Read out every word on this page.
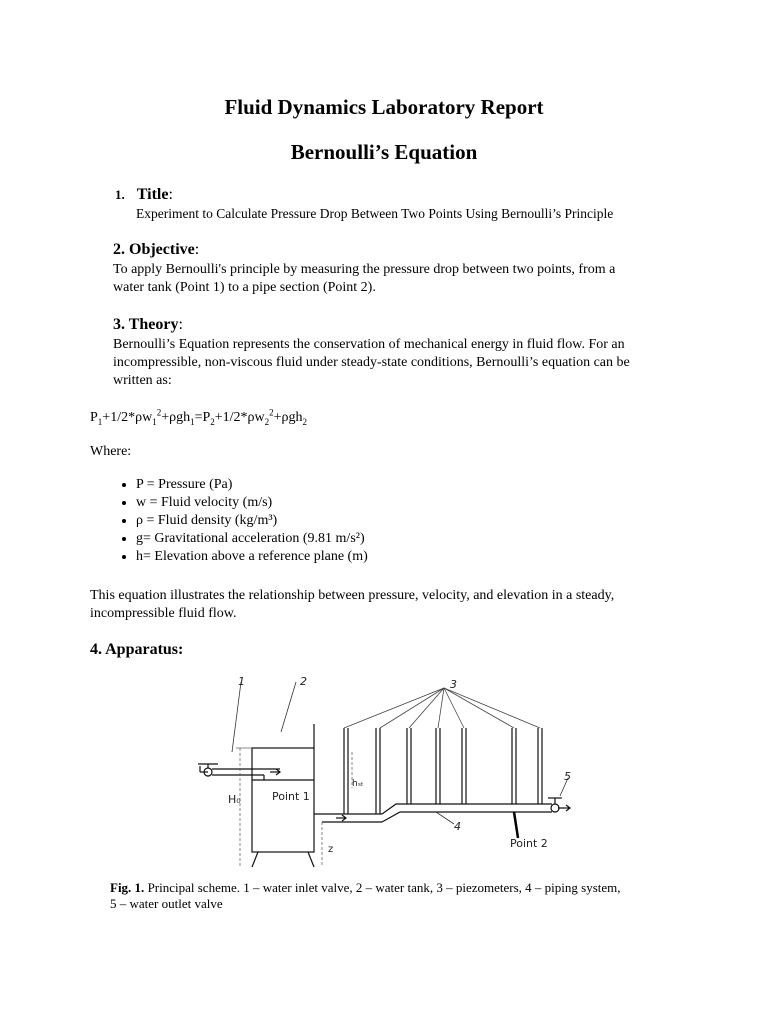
Fluid Dynamics Laboratory Report
Bernoulli’s Equation
1. Title:
Experiment to Calculate Pressure Drop Between Two Points Using Bernoulli’s Principle
2. Objective:
To apply Bernoulli's principle by measuring the pressure drop between two points, from a
water tank (Point 1) to a pipe section (Point 2).
3. Theory:
Bernoulli’s Equation represents the conservation of mechanical energy in fluid flow. For an
incompressible, non-viscous fluid under steady-state conditions, Bernoulli’s equation can be
written as:
$P_1+1/2*\rho w_1^2+\rho gh_1=P_2+1/2*\rho w_2^2+\rho gh_2$
Where:
• P = Pressure (Pa)
• w = Fluid velocity (m/s)
• ρ = Fluid density (kg/m³)
• g= Gravitational acceleration (9.81 m/s²)
• h= Elevation above a reference plane (m)
This equation illustrates the relationship between pressure, velocity, and elevation in a steady,
incompressible fluid flow.
4. Apparatus:
1	2	3
4
5
Point 1
Point 2
H₀
hₛₜ
z
Fig. 1. Principal scheme. 1 – water inlet valve, 2 – water tank, 3 – piezometers, 4 – piping system,
5 – water outlet valve
